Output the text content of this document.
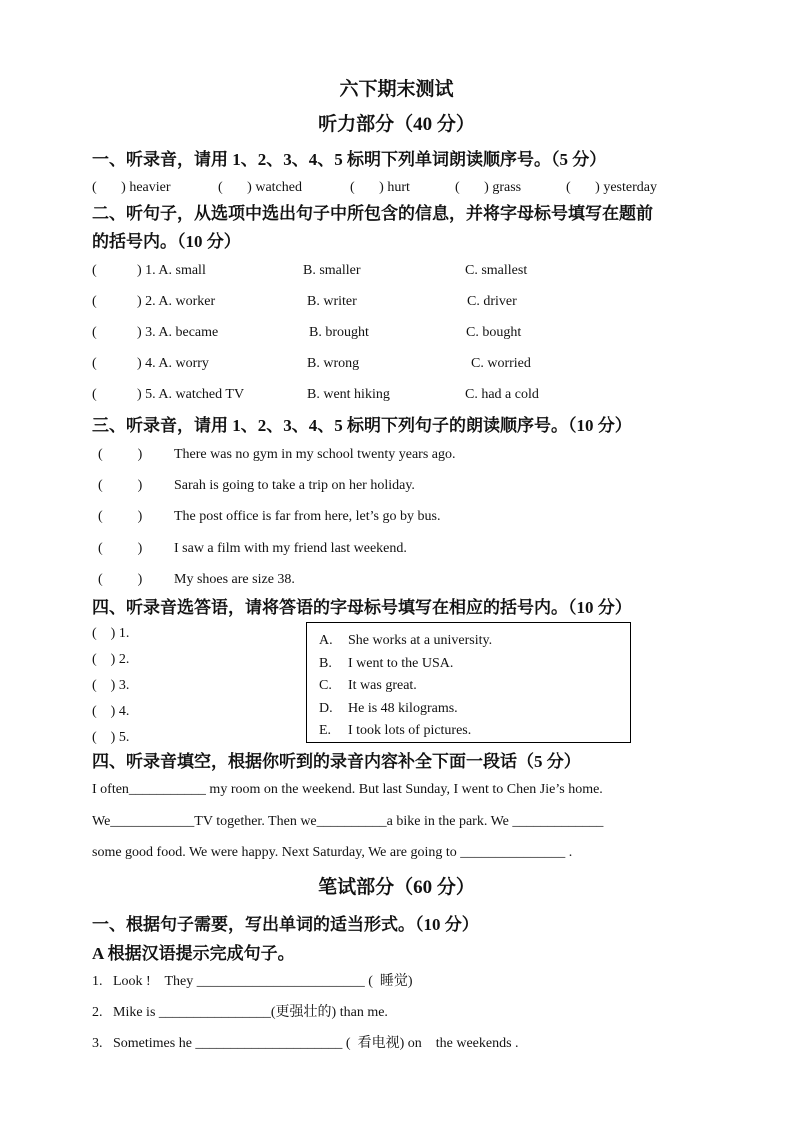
六下期末测试
听力部分（40 分）
一、听录音，请用 1、2、3、4、5 标明下列单词朗读顺序号。（5 分）
(       ) heavier	(       ) watched	(       ) hurt	(       ) grass	(       ) yesterday
二、听句子，从选项中选出句子中所包含的信息，并将字母标号填写在题前
的括号内。（10 分）
(	) 1. A. small	B. smaller	C. smallest
(	) 2. A. worker	B. writer	C. driver
(	) 3. A. became	B. brought	C. bought
(	) 4. A. worry	B. wrong	C. worried
(	) 5. A. watched TV	B. went hiking	C. had a cold
三、听录音，请用 1、2、3、4、5 标明下列句子的朗读顺序号。（10 分）
(          ) There was no gym in my school twenty years ago.
(          ) Sarah is going to take a trip on her holiday.
(          ) The post office is far from here, let’s go by bus.
(          ) I saw a film with my friend last weekend.
(          ) My shoes are size 38.
四、听录音选答语，请将答语的字母标号填写在相应的括号内。（10 分）
(    ) 1.
(    ) 2.
(    ) 3.
(    ) 4.
(    ) 5.
A. She works at a university.
B. I went to the USA.
C. It was great.
D. He is 48 kilograms.
E. I took lots of pictures.
四、听录音填空，根据你听到的录音内容补全下面一段话（5 分）
I often___________ my room on the weekend. But last Sunday, I went to Chen Jie’s home.
We____________TV together. Then we__________a bike in the park. We _____________
some good food. We were happy. Next Saturday, We are going to _______________ .
笔试部分（60 分）
一、根据句子需要，写出单词的适当形式。（10 分）
A 根据汉语提示完成句子。
1.   Look !    They ________________________ (  睡觉)
2.   Mike is ________________(更强壮的) than me.
3.   Sometimes he _____________________ (  看电视) on    the weekends .
